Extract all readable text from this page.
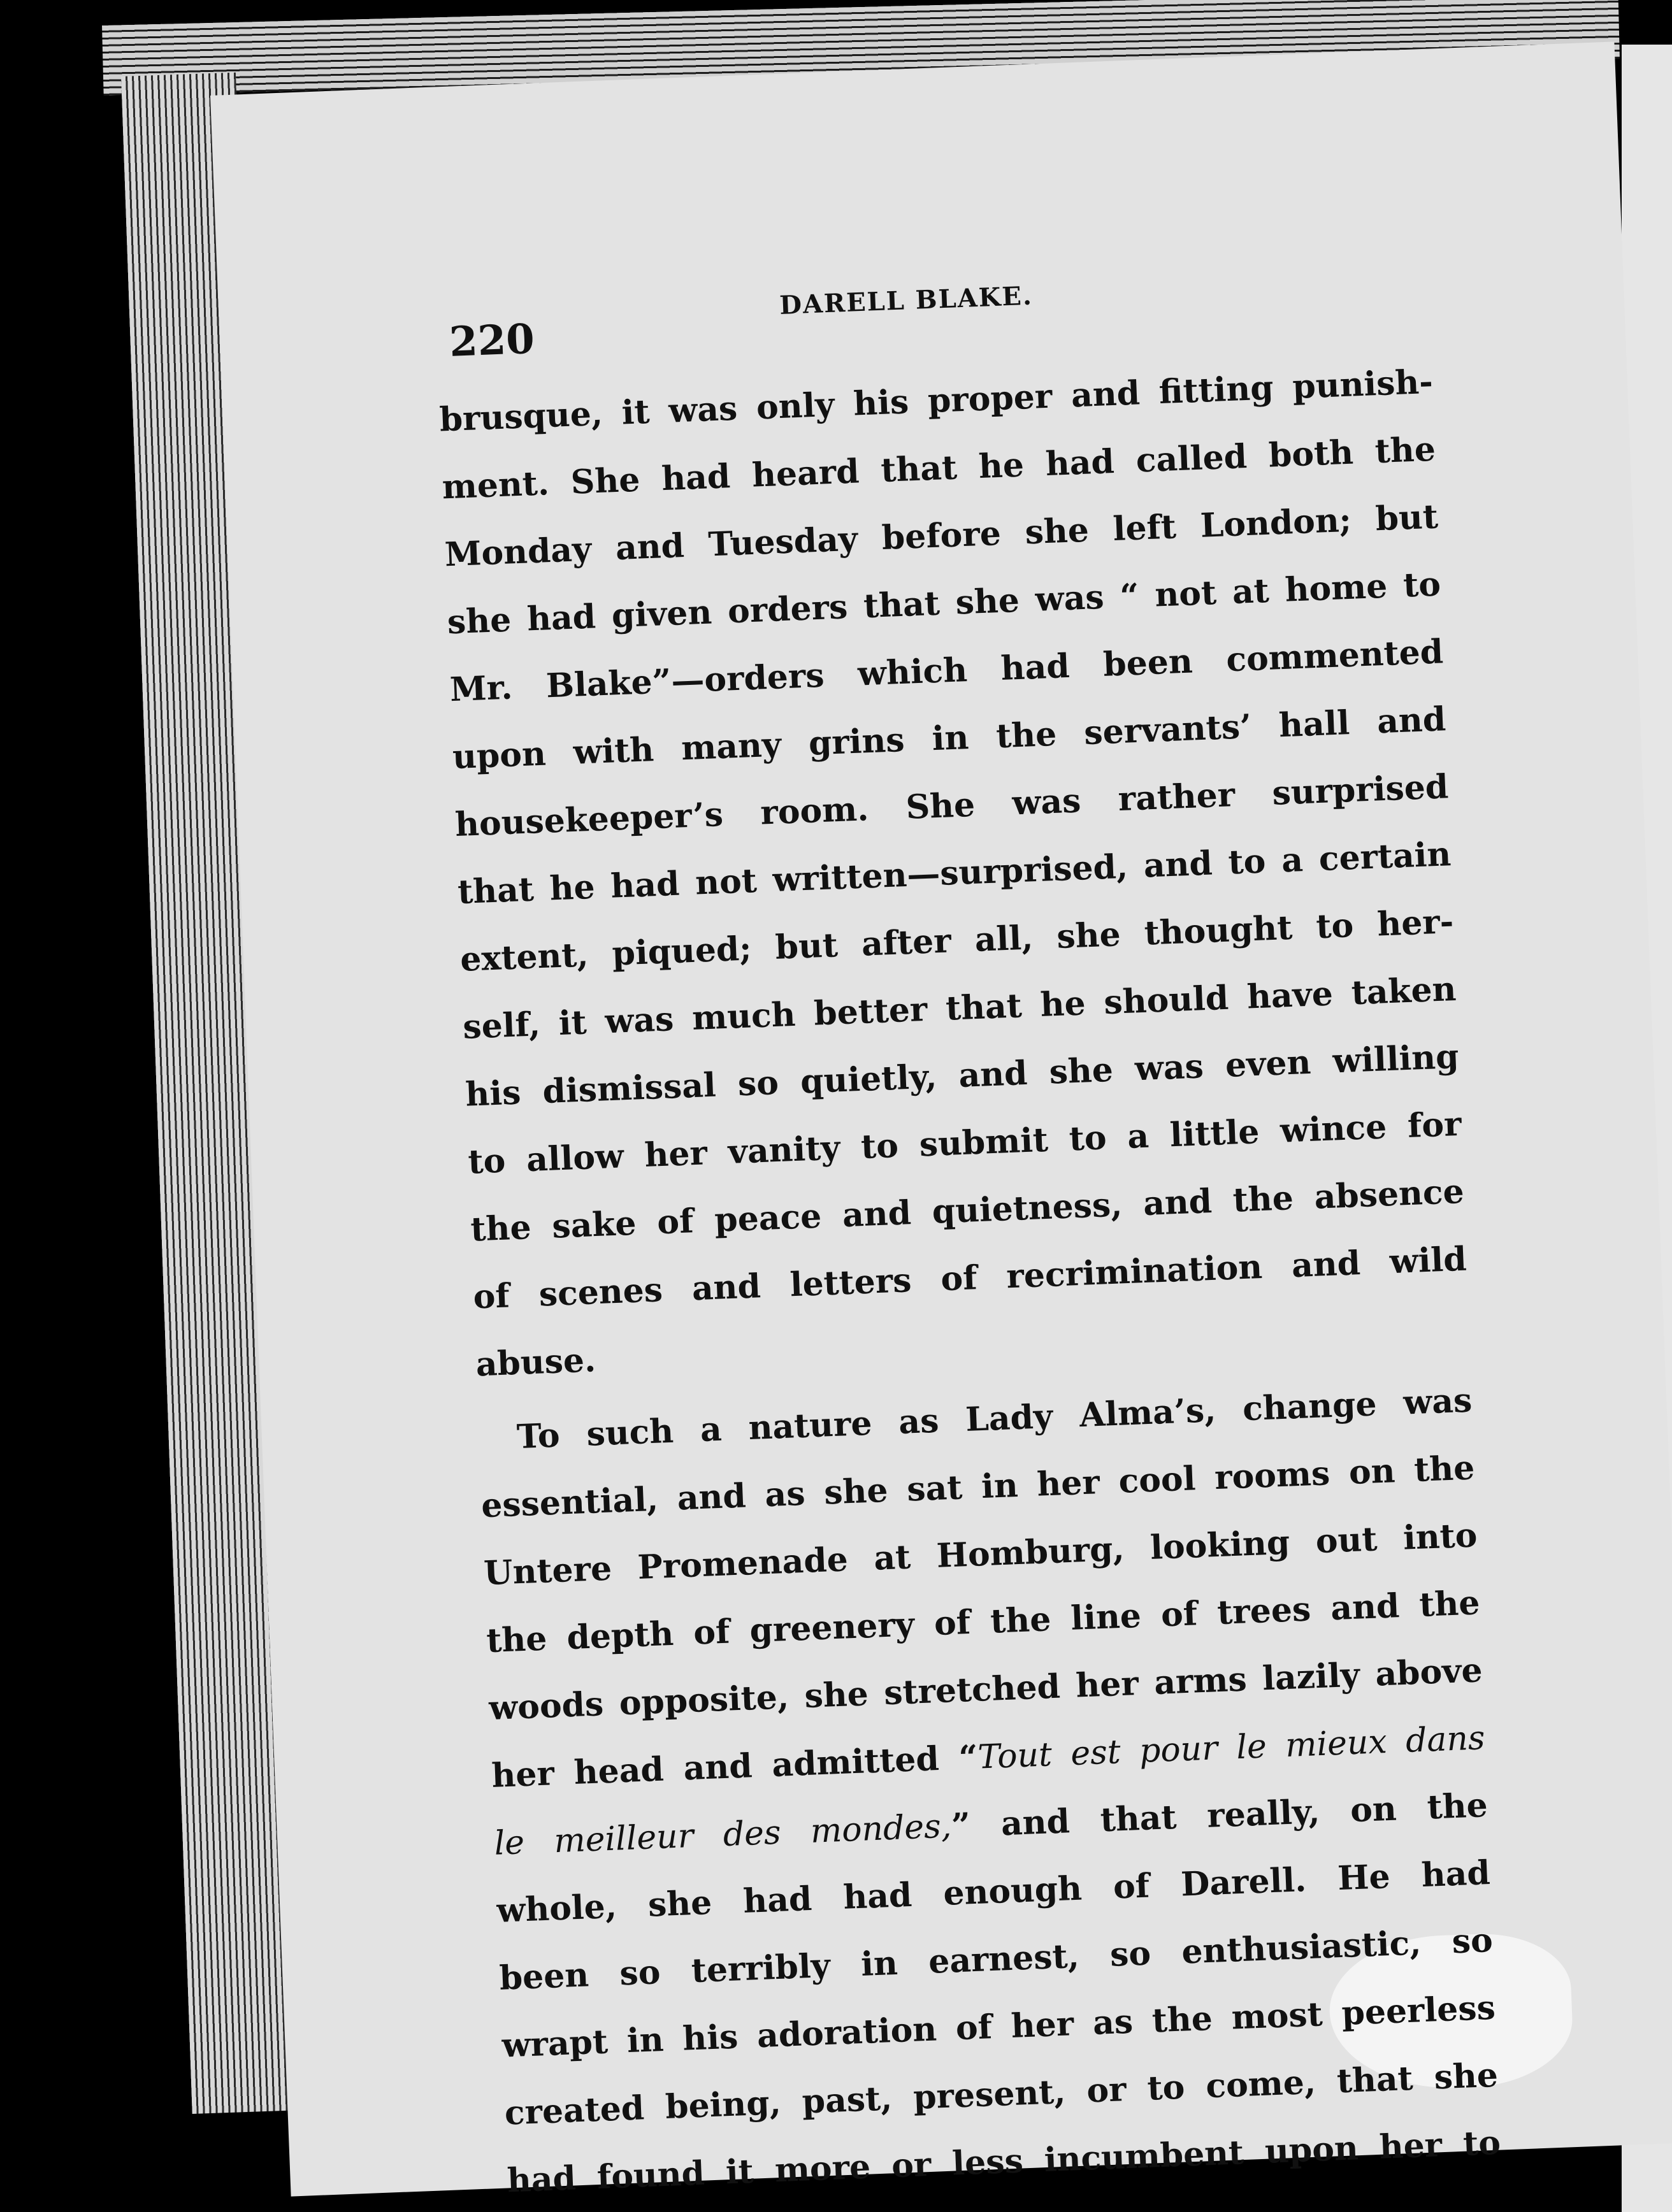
220
DARELL BLAKE.
brusque, it was only his proper and fitting punish-
ment. She had heard that he had called both the
Monday and Tuesday before she left London; but
she had given orders that she was “ not at home to
Mr. Blake”—orders which had been commented
upon with many grins in the servants’ hall and
housekeeper’s room. She was rather surprised
that he had not written—surprised, and to a certain
extent, piqued; but after all, she thought to her-
self, it was much better that he should have taken
his dismissal so quietly, and she was even willing
to allow her vanity to submit to a little wince for
the sake of peace and quietness, and the absence
of scenes and letters of recrimination and wild
abuse.
To such a nature as Lady Alma’s, change was
essential, and as she sat in her cool rooms on the
Untere Promenade at Homburg, looking out into
the depth of greenery of the line of trees and the
woods opposite, she stretched her arms lazily above
her head and admitted “Tout est pour le mieux dans
le meilleur des mondes,” and that really, on the
whole, she had had enough of Darell. He had
been so terribly in earnest, so enthusiastic, so
wrapt in his adoration of her as the most peerless
created being, past, present, or to come, that she
had found it more or less incumbent upon her to
